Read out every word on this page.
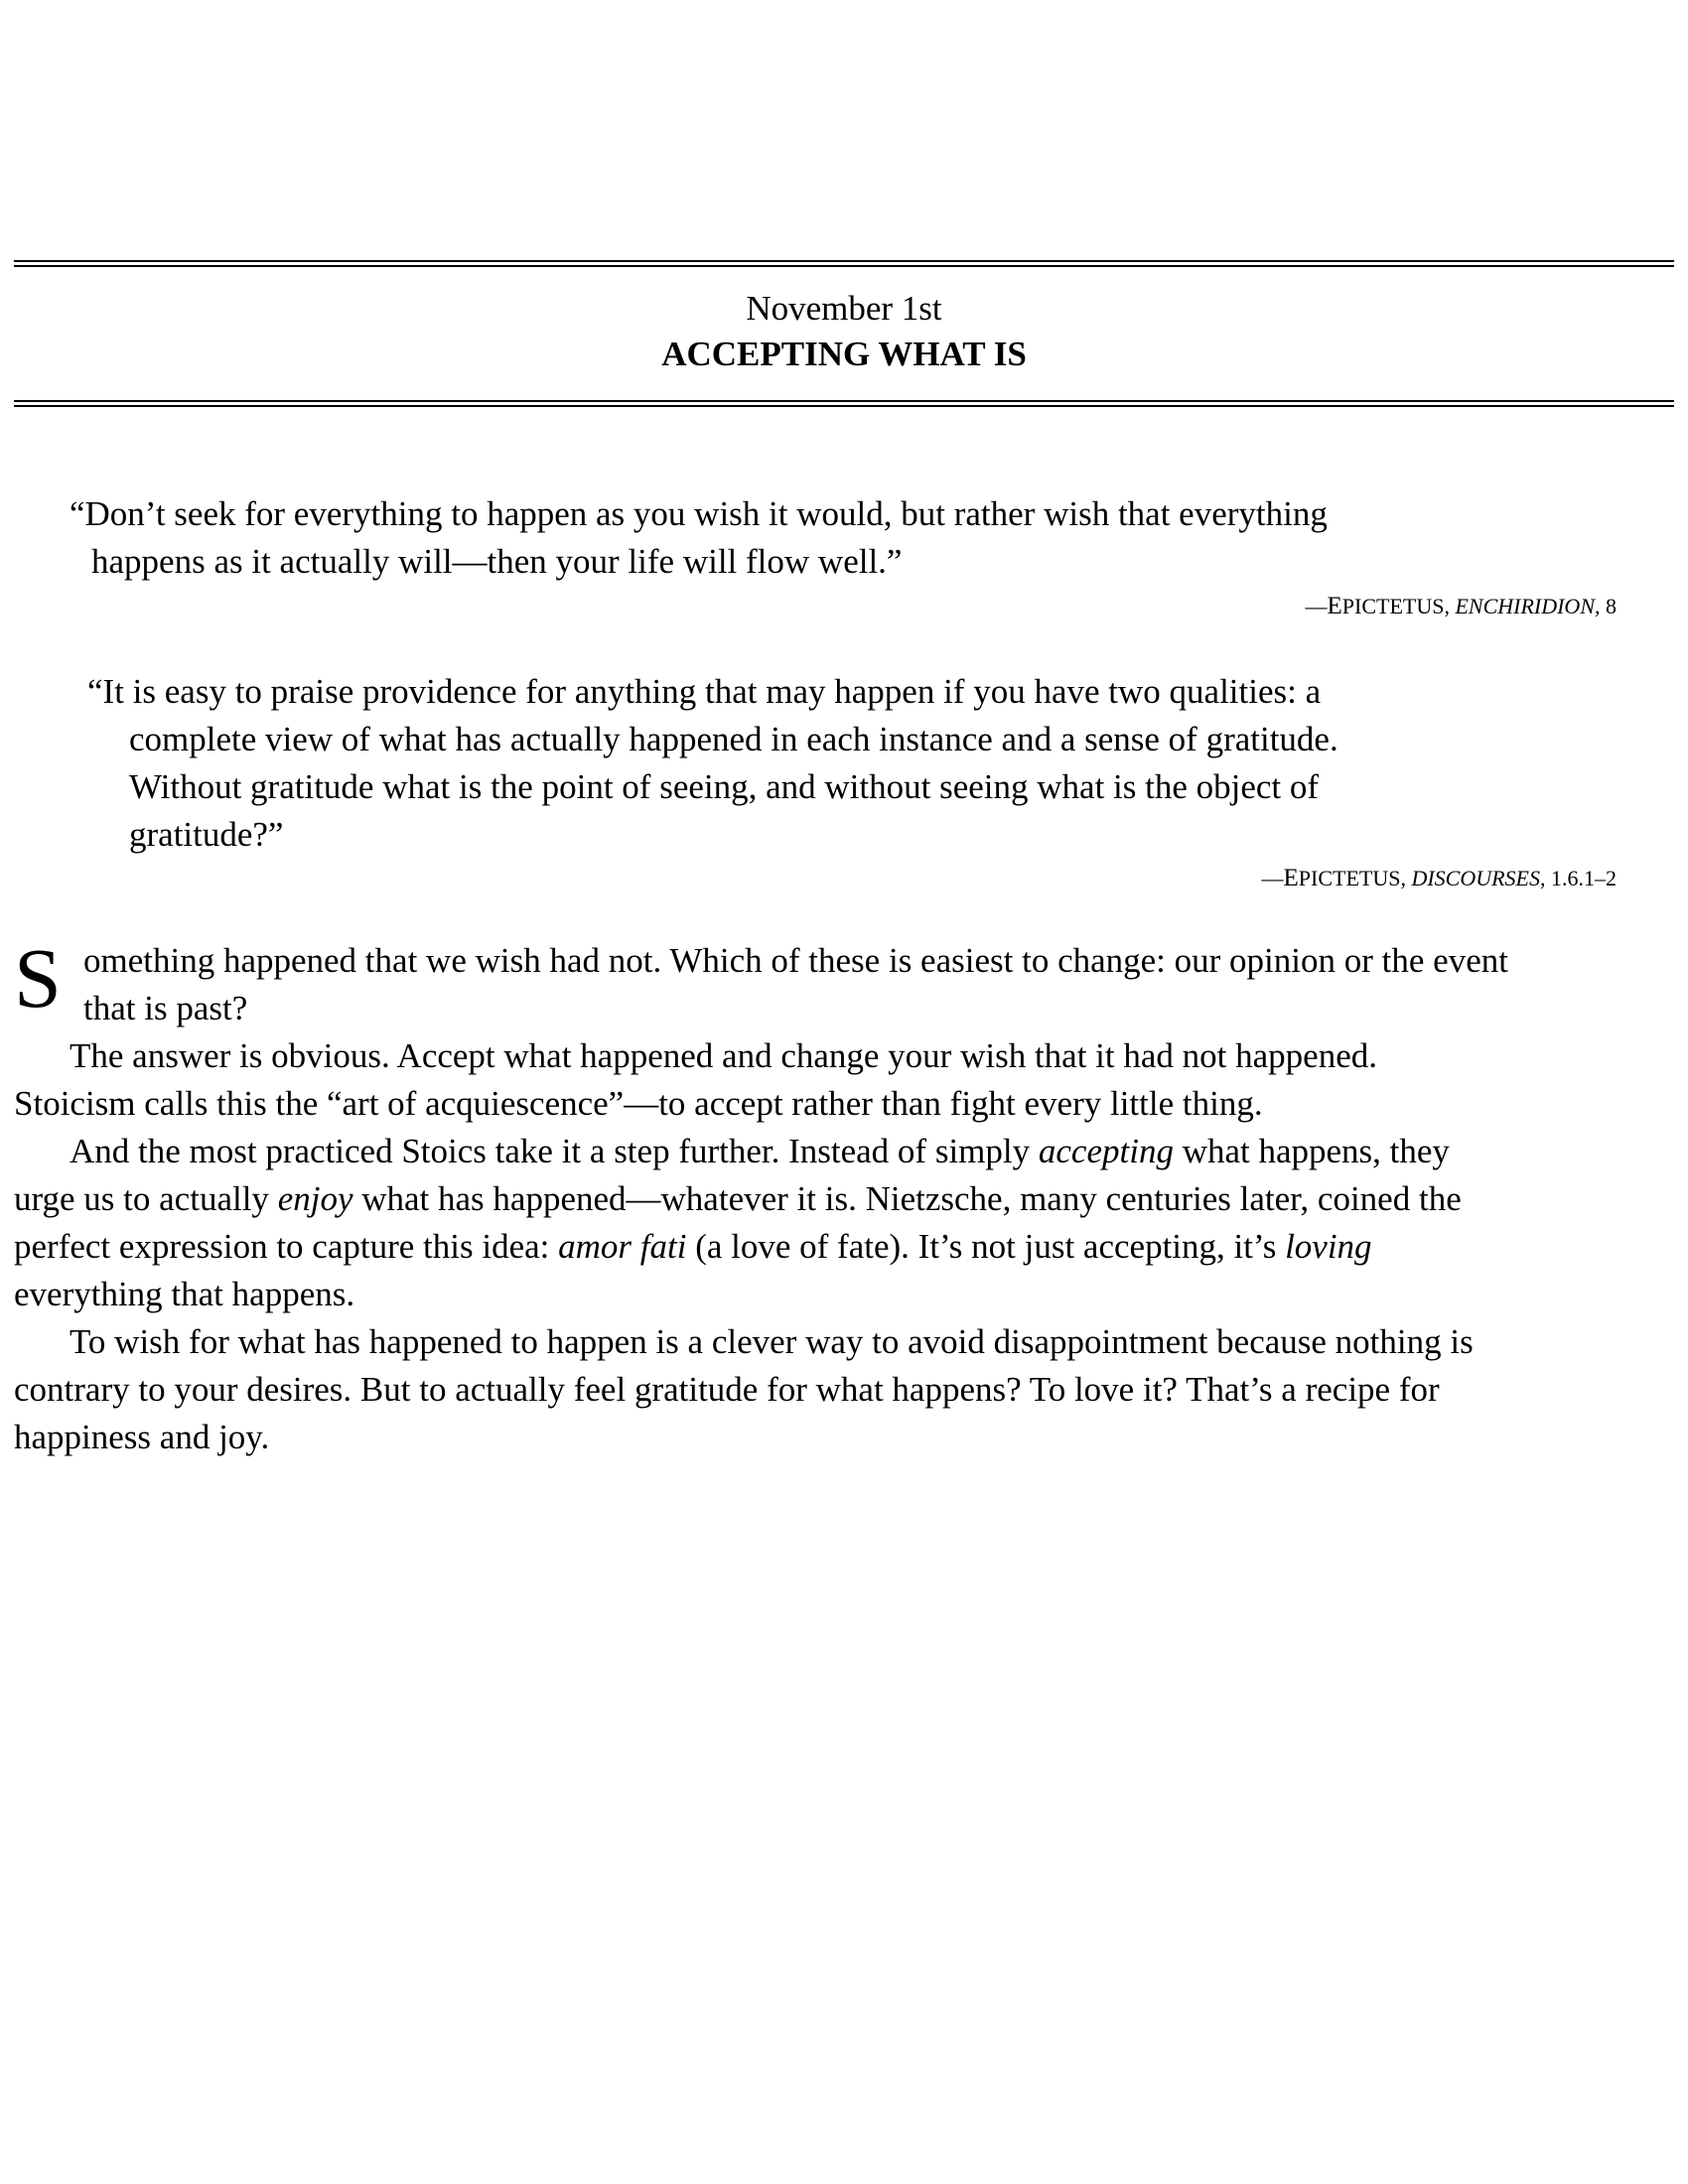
November 1st
ACCEPTING WHAT IS
“Don’t seek for everything to happen as you wish it would, but rather wish that everything
happens as it actually will—then your life will flow well.”
—EPICTETUS, ENCHIRIDION, 8
“It is easy to praise providence for anything that may happen if you have two qualities: a
complete view of what has actually happened in each instance and a sense of gratitude.
Without gratitude what is the point of seeing, and without seeing what is the object of
gratitude?”
—EPICTETUS, DISCOURSES, 1.6.1–2
S omething happened that we wish had not. Which of these is easiest to change: our opinion or the event
that is past?
The answer is obvious. Accept what happened and change your wish that it had not happened.
Stoicism calls this the “art of acquiescence”—to accept rather than fight every little thing.
And the most practiced Stoics take it a step further. Instead of simply accepting what happens, they
urge us to actually enjoy what has happened—whatever it is. Nietzsche, many centuries later, coined the
perfect expression to capture this idea: amor fati (a love of fate). It’s not just accepting, it’s loving
everything that happens.
To wish for what has happened to happen is a clever way to avoid disappointment because nothing is
contrary to your desires. But to actually feel gratitude for what happens? To love it? That’s a recipe for
happiness and joy.
